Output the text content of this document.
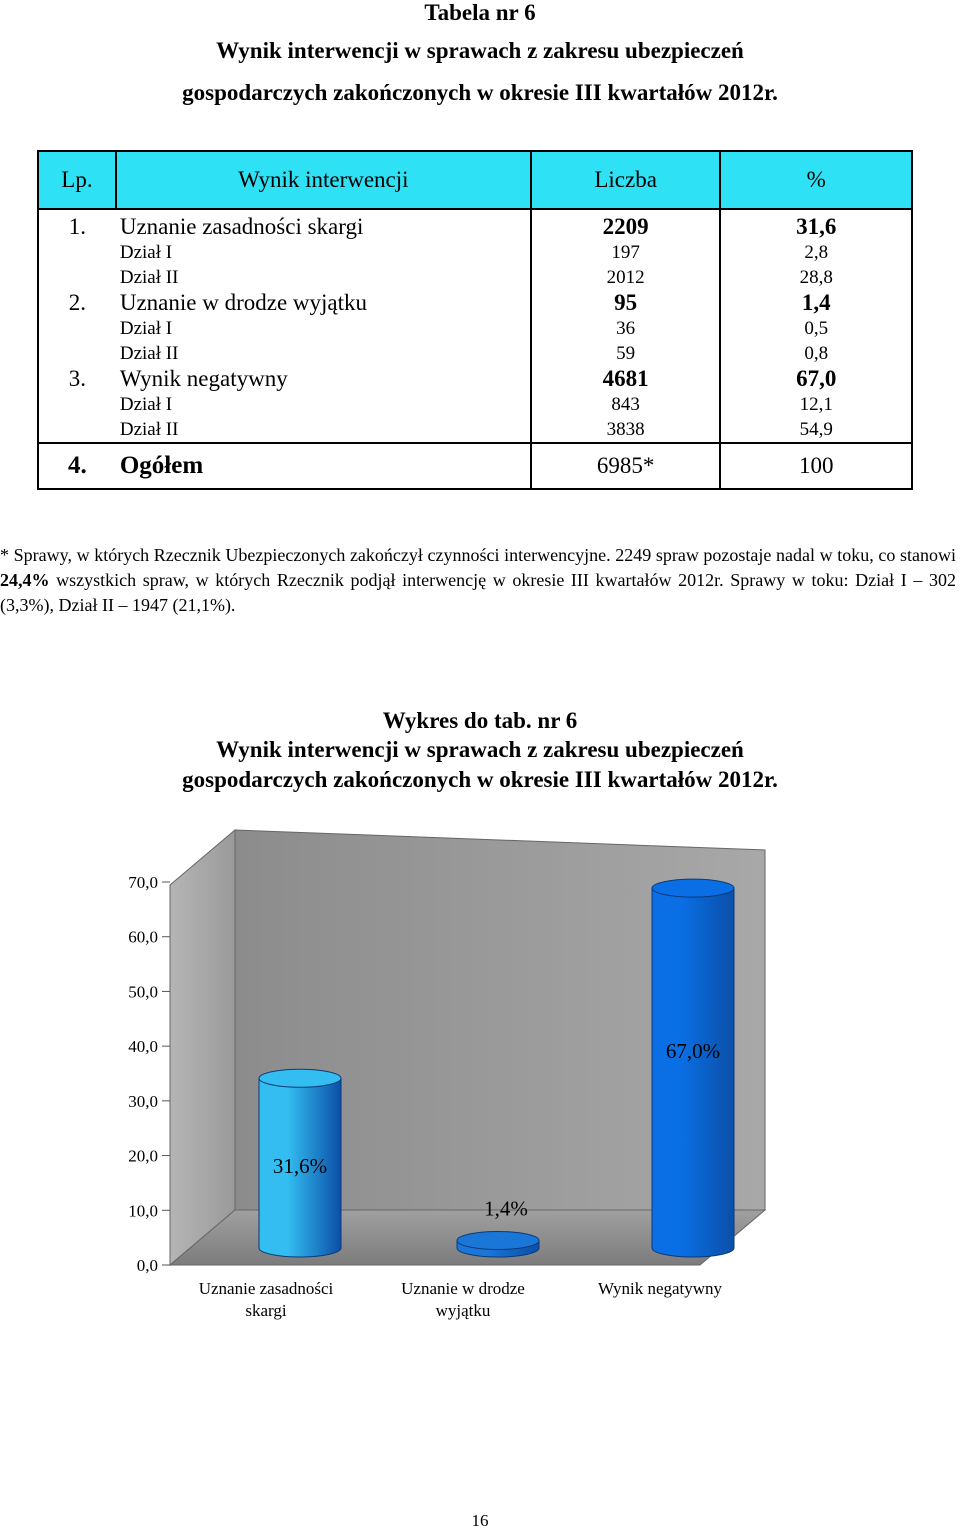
Tabela nr 6
Wynik interwencji w sprawach z zakresu ubezpieczeń
gospodarczych zakończonych w okresie III kwartałów 2012r.
Lp.	Wynik interwencji	Liczba	%

1.	Uznanie zasadności skargi	2209	31,6

	Dział I	197	2,8

	Dział II	2012	28,8
2.	Uznanie w drodze wyjątku	95	1,4

	Dział I	36	0,5

	Dział II	59	0,8
3.	Wynik negatywny	4681	67,0

	Dział I	843	12,1

	Dział II	3838	54,9
4.	Ogółem	6985*	100
* Sprawy, w których Rzecznik Ubezpieczonych zakończył czynności interwencyjne. 2249 spraw pozostaje nadal w toku, co stanowi 24,4% wszystkich spraw, w których Rzecznik podjął interwencję w okresie III kwartałów 2012r. Sprawy w toku: Dział I – 302 (3,3%), Dział II – 1947 (21,1%).
Wykres do tab. nr 6
Wynik interwencji w sprawach z zakresu ubezpieczeń
gospodarczych zakończonych w okresie III kwartałów 2012r.
0,0
10,0
20,0
30,0
40,0
50,0
60,0
70,0
31,6%
1,4%
67,0%
Uznanie zasadności
skargi
Uznanie w drodze
wyjątku
Wynik negatywny
16
